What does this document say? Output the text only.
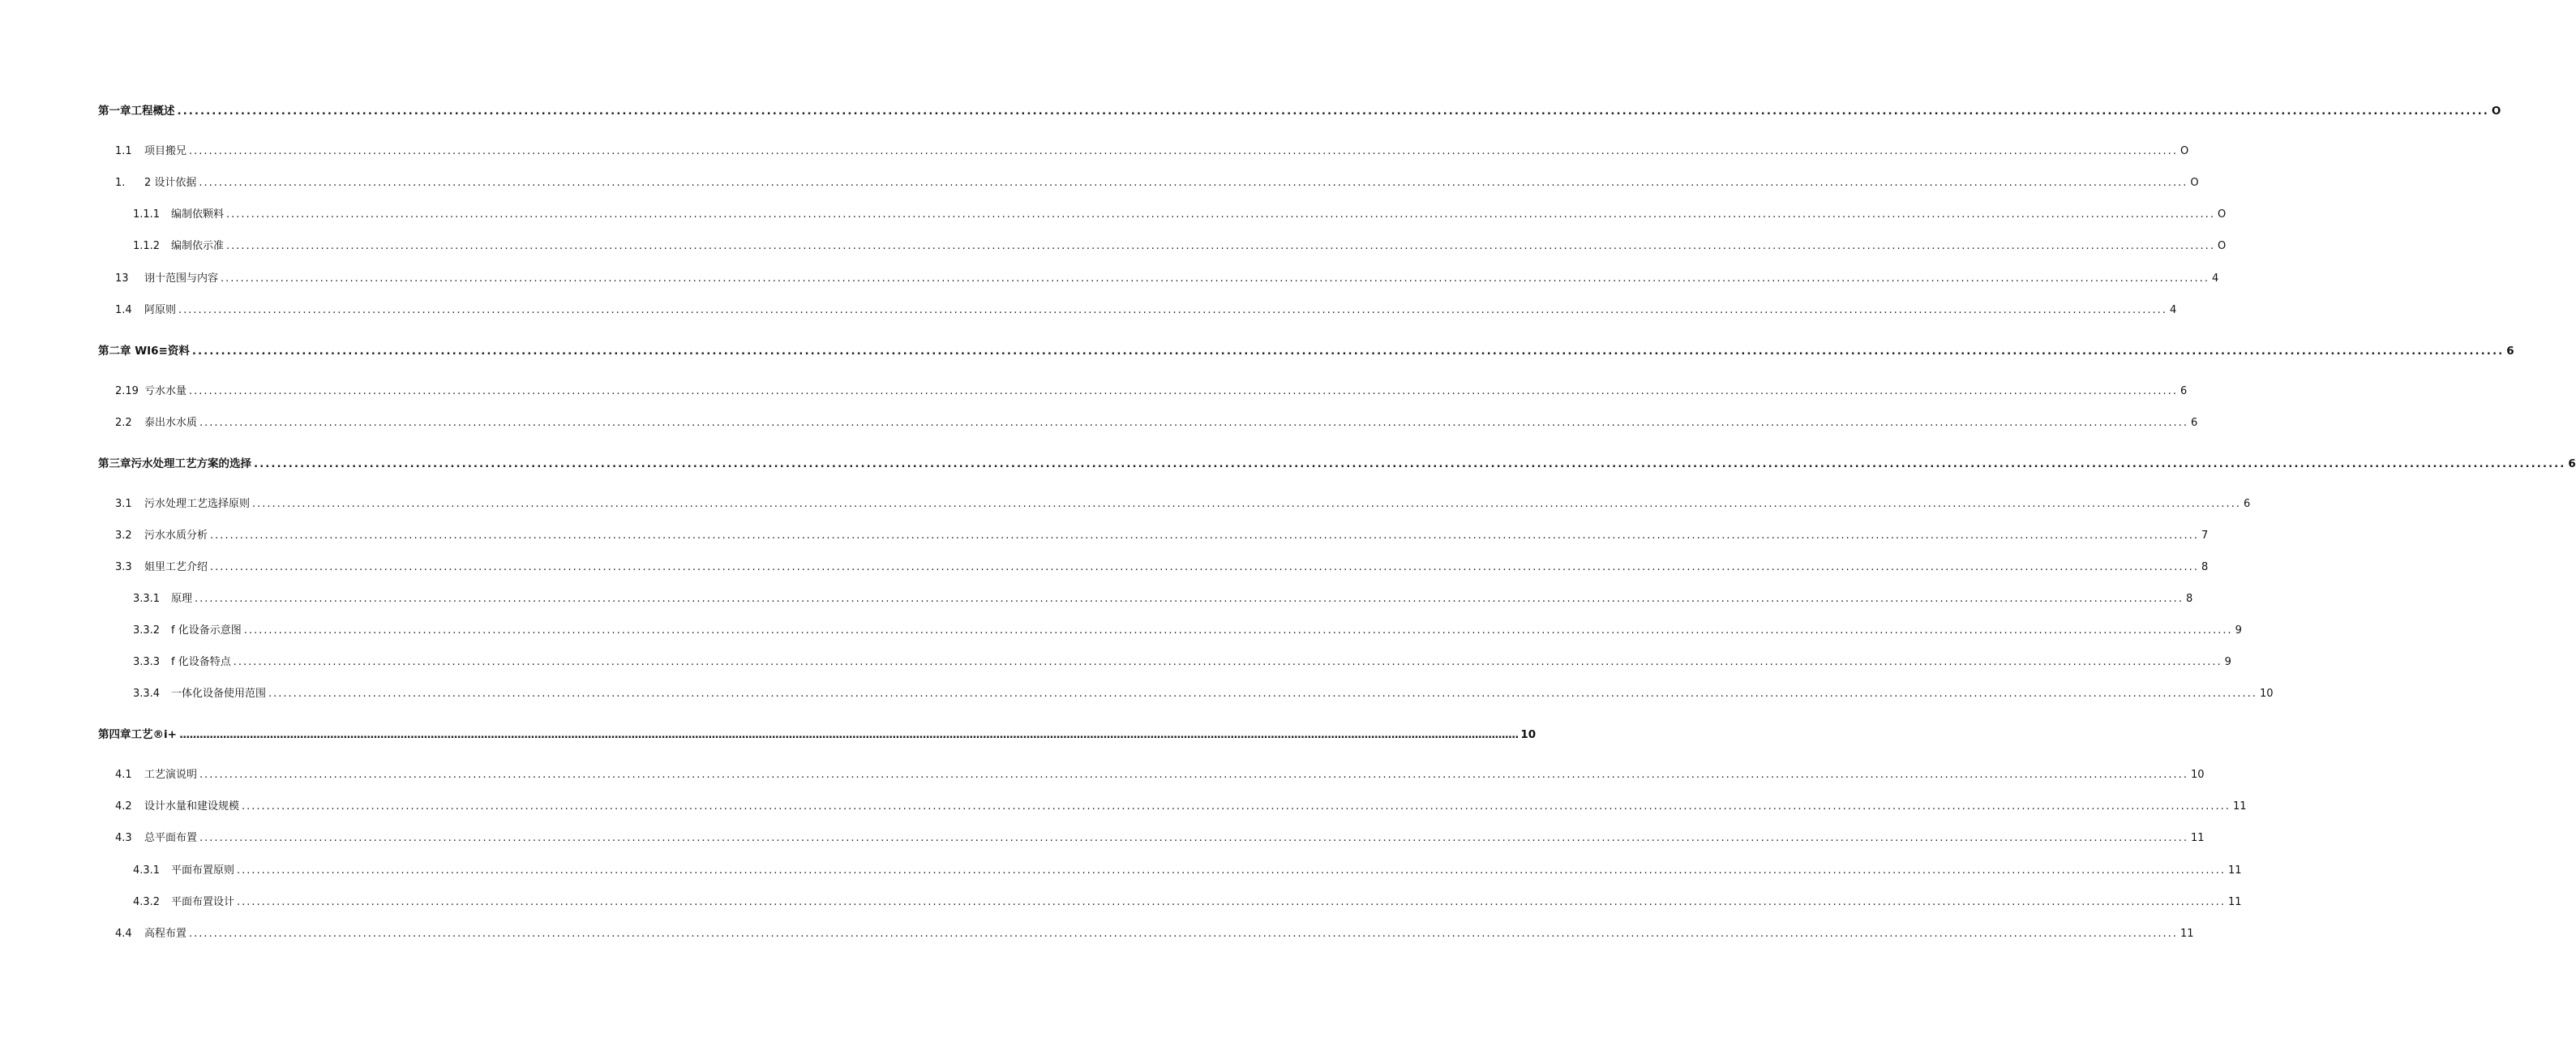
第一章工程概述 ................................................................................................................................................................................................................................................................................................................................................................................................................ O
1.1 项目搬兄 ................................................................................................................................................................................................................................................................................................................................................................................................................ O
1. 2 设计依据 ................................................................................................................................................................................................................................................................................................................................................................................................................ O
1.1.1 编制依颗料 ................................................................................................................................................................................................................................................................................................................................................................................................................ O
1.1.2 编制依示准 ................................................................................................................................................................................................................................................................................................................................................................................................................ O
13 诩十范围与内容 ................................................................................................................................................................................................................................................................................................................................................................................................................ 4
1.4 阿原则 ................................................................................................................................................................................................................................................................................................................................................................................................................ 4
第二章 WI6≡资料 ................................................................................................................................................................................................................................................................................................................................................................................................................ 6
2.19 亏水水量 ................................................................................................................................................................................................................................................................................................................................................................................................................ 6
2.2 泰出水水质 ................................................................................................................................................................................................................................................................................................................................................................................................................ 6
第三章污水处理工艺方案的选择 ................................................................................................................................................................................................................................................................................................................................................................................................................ 6
3.1 污水处理工艺选择原则 ................................................................................................................................................................................................................................................................................................................................................................................................................ 6
3.2 污水水质分析 ................................................................................................................................................................................................................................................................................................................................................................................................................ 7
3.3 姐里工艺介绍 ................................................................................................................................................................................................................................................................................................................................................................................................................ 8
3.3.1 原理 ................................................................................................................................................................................................................................................................................................................................................................................................................ 8
3.3.2 f 化设备示意图 ................................................................................................................................................................................................................................................................................................................................................................................................................ 9
3.3.3 f 化设备特点 ................................................................................................................................................................................................................................................................................................................................................................................................................ 9
3.3.4 一体化设备使用范围 ................................................................................................................................................................................................................................................................................................................................................................................................................ 10
第四章工艺®i+ ................................................................................................................................................................................................................................................................................................................................................................................................................ 10
4.1 工艺演说明 ................................................................................................................................................................................................................................................................................................................................................................................................................ 10
4.2 设计水量和建设规模 ................................................................................................................................................................................................................................................................................................................................................................................................................ 11
4.3 总平面布置 ................................................................................................................................................................................................................................................................................................................................................................................................................ 11
4.3.1 平面布置原则 ................................................................................................................................................................................................................................................................................................................................................................................................................ 11
4.3.2 平面布置设计 ................................................................................................................................................................................................................................................................................................................................................................................................................ 11
4.4 高程布置 ................................................................................................................................................................................................................................................................................................................................................................................................................ 11
